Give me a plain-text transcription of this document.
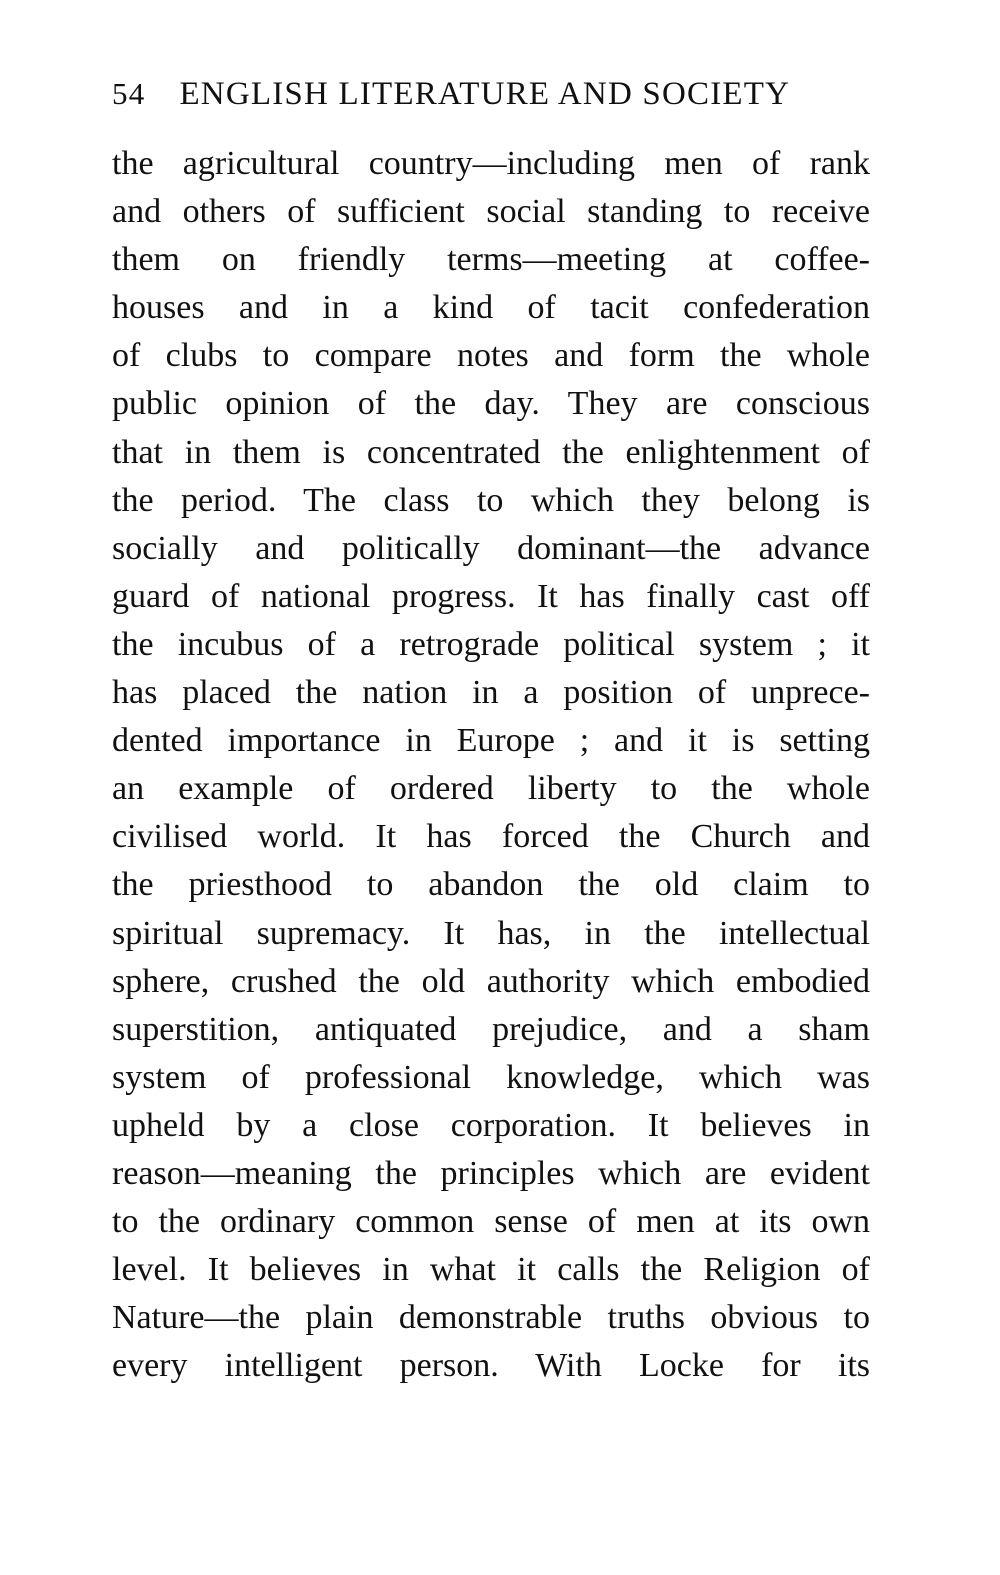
54 ENGLISH LITERATURE AND SOCIETY
the agricultural country—including men of rank
and others of sufficient social standing to receive
them on friendly terms—meeting at coffee-
houses and in a kind of tacit confederation
of clubs to compare notes and form the whole
public opinion of the day. They are conscious
that in them is concentrated the enlightenment of
the period. The class to which they belong is
socially and politically dominant—the advance
guard of national progress. It has finally cast off
the incubus of a retrograde political system ; it
has placed the nation in a position of unprece-
dented importance in Europe ; and it is setting
an example of ordered liberty to the whole
civilised world. It has forced the Church and
the priesthood to abandon the old claim to
spiritual supremacy. It has, in the intellectual
sphere, crushed the old authority which embodied
superstition, antiquated prejudice, and a sham
system of professional knowledge, which was
upheld by a close corporation. It believes in
reason—meaning the principles which are evident
to the ordinary common sense of men at its own
level. It believes in what it calls the Religion of
Nature—the plain demonstrable truths obvious to
every intelligent person. With Locke for its
